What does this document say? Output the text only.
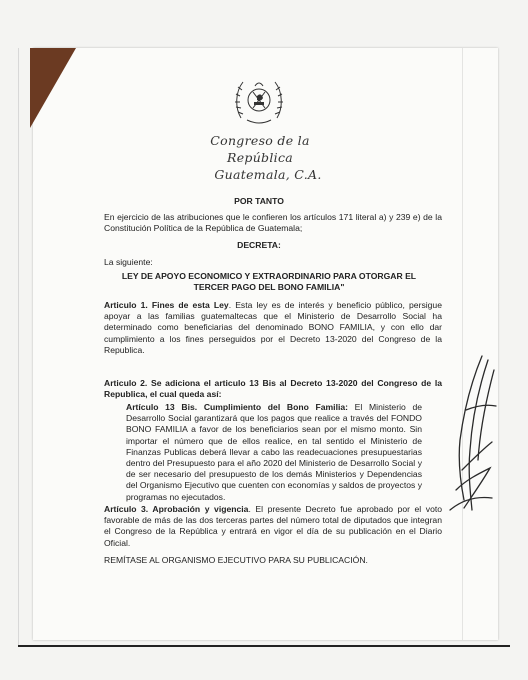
Congreso de la República
Guatemala, C.A.
POR TANTO
En ejercicio de las atribuciones que le confieren los artículos 171 literal a) y 239 e) de la Constitución Política de la República de Guatemala;
DECRETA:
La siguiente:
LEY DE APOYO ECONOMICO Y EXTRAORDINARIO PARA OTORGAR EL
TERCER PAGO DEL BONO FAMILIA"
Articulo 1. Fines de esta Ley. Esta ley es de interés y beneficio público, persigue apoyar a las familias guatemaltecas que el Ministerio de Desarrollo Social ha determinado como beneficiarias del denominado BONO FAMILIA, y con ello dar cumplimiento a los fines perseguidos por el Decreto 13-2020 del Congreso de la Republica.
Articulo 2. Se adiciona el articulo 13 Bis al Decreto 13-2020 del Congreso de la Republica, el cual queda así:
Artículo 13 Bis. Cumplimiento del Bono Familia: El Ministerio de Desarrollo Social garantizará que los pagos que realice a través del FONDO BONO FAMILIA a favor de los beneficiarios sean por el mismo monto. Sin importar el número que de ellos realice, en tal sentido el Ministerio de Finanzas Publicas deberá llevar a cabo las readecuaciones presupuestarias dentro del Presupuesto para el año 2020 del Ministerio de Desarrollo Social y de ser necesario del presupuesto de los demás Ministerios y Dependencias del Organismo Ejecutivo que cuenten con economías y saldos de proyectos y programas no ejecutados.
Artículo 3. Aprobación y vigencia. El presente Decreto fue aprobado por el voto favorable de más de las dos terceras partes del número total de diputados que integran el Congreso de la República y entrará en vigor el día de su publicación en el Diario Oficial.
REMÍTASE AL ORGANISMO EJECUTIVO PARA SU PUBLICACIÓN.
